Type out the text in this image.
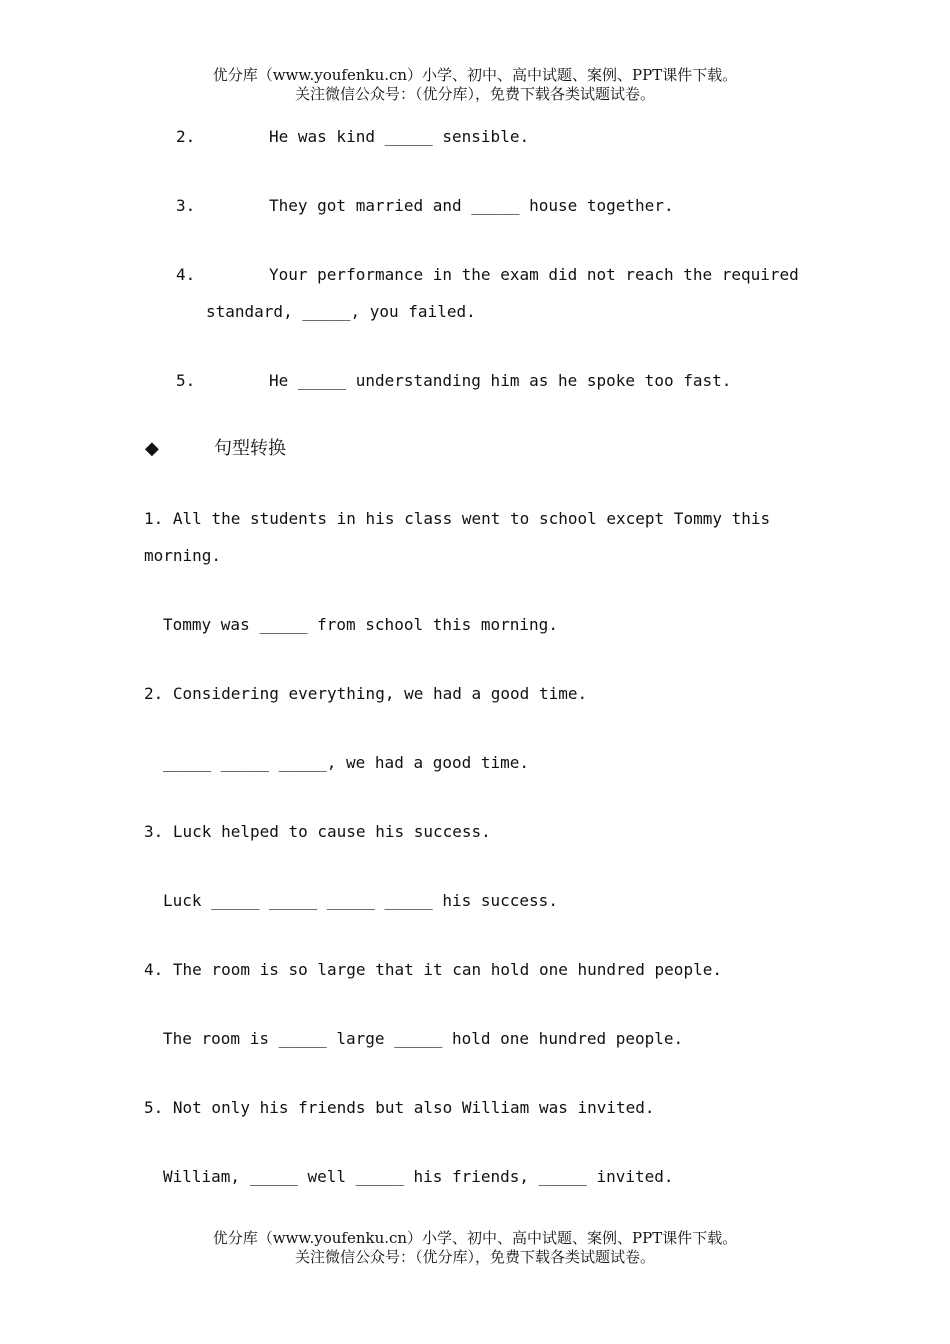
优分库（www.youfenku.cn）小学、初中、高中试题、案例、PPT课件下载。
关注微信公众号：（优分库），免费下载各类试题试卷。
2.	He was kind _____ sensible.
3.	They got married and _____ house together.
4.	Your performance in the exam did not reach the required
standard, _____, you failed.
5.	He _____ understanding him as he spoke too fast.
◆	句型转换
1. All the students in his class went to school except Tommy this
morning.
Tommy was _____ from school this morning.
2. Considering everything, we had a good time.
_____ _____ _____, we had a good time.
3. Luck helped to cause his success.
Luck _____ _____ _____ _____ his success.
4. The room is so large that it can hold one hundred people.
The room is _____ large _____ hold one hundred people.
5. Not only his friends but also William was invited.
William, _____ well _____ his friends, _____ invited.
优分库（www.youfenku.cn）小学、初中、高中试题、案例、PPT课件下载。
关注微信公众号：（优分库），免费下载各类试题试卷。
